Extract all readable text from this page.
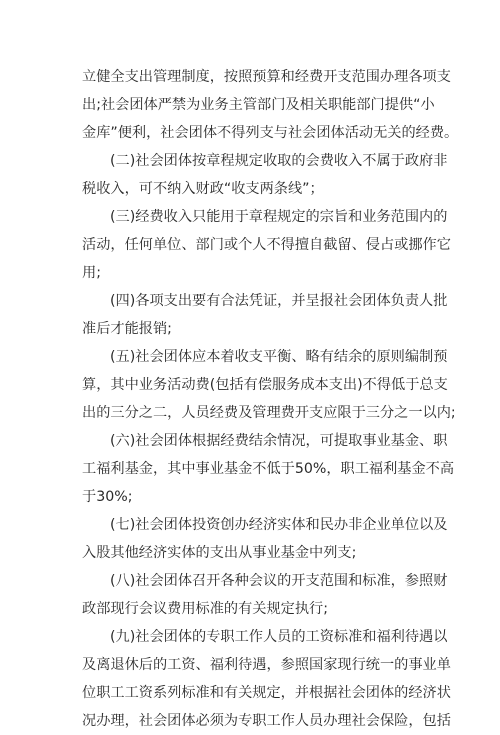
立健全支出管理制度，按照预算和经费开支范围办理各项支
出;社会团体严禁为业务主管部门及相关职能部门提供“小
金库”便利，社会团体不得列支与社会团体活动无关的经费。
(二)社会团体按章程规定收取的会费收入不属于政府非
税收入，可不纳入财政“收支两条线”；
(三)经费收入只能用于章程规定的宗旨和业务范围内的
活动，任何单位、部门或个人不得擅自截留、侵占或挪作它
用;
(四)各项支出要有合法凭证，并呈报社会团体负责人批
准后才能报销;
(五)社会团体应本着收支平衡、略有结余的原则编制预
算，其中业务活动费(包括有偿服务成本支出)不得低于总支
出的三分之二，人员经费及管理费开支应限于三分之一以内;
(六)社会团体根据经费结余情况，可提取事业基金、职
工福利基金，其中事业基金不低于50%，职工福利基金不高
于30%;
(七)社会团体投资创办经济实体和民办非企业单位以及
入股其他经济实体的支出从事业基金中列支;
(八)社会团体召开各种会议的开支范围和标准，参照财
政部现行会议费用标准的有关规定执行;
(九)社会团体的专职工作人员的工资标准和福利待遇以
及离退休后的工资、福利待遇，参照国家现行统一的事业单
位职工工资系列标准和有关规定，并根据社会团体的经济状
况办理，社会团体必须为专职工作人员办理社会保险，包括
